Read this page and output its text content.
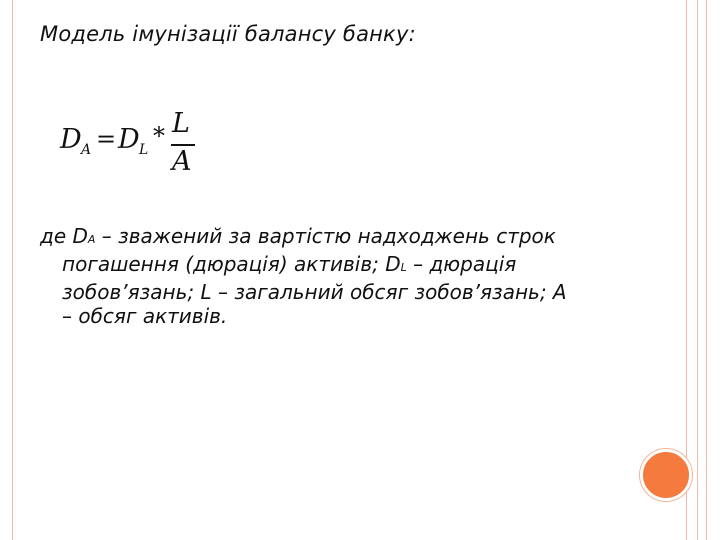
Модель імунізації балансу банку:
D A = D L * L
A
де DA – зважений за вартістю надходжень строк
погашення (дюрація) активів; DL – дюрація
зобов’язань; L – загальний обсяг зобов’язань; A
– обсяг активів.
